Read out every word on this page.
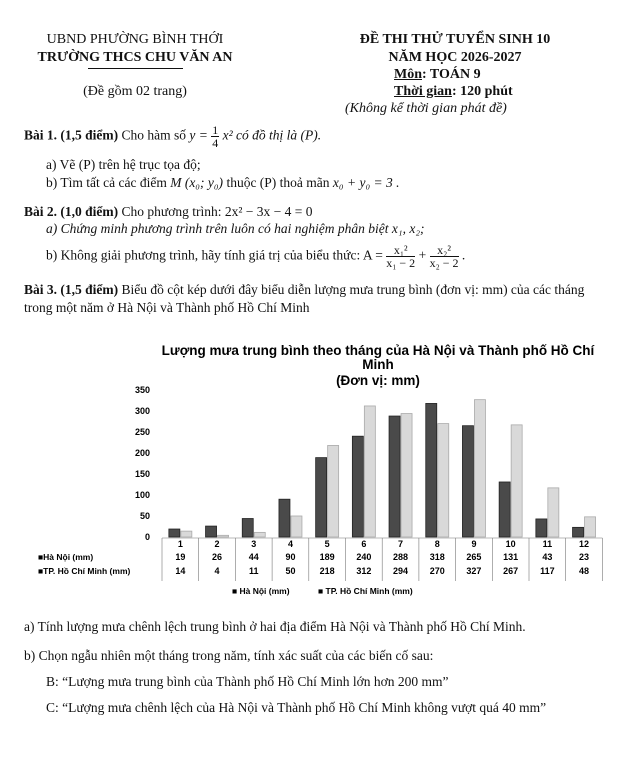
UBND PHƯỜNG BÌNH THỚI
TRƯỜNG THCS CHU VĂN AN
(Đề gồm 02 trang)
ĐỀ THI THỬ TUYỂN SINH 10
NĂM HỌC 2026-2027
Môn: TOÁN 9
Thời gian: 120 phút
(Không kể thời gian phát đề)
Bài 1. (1,5 điểm) Cho hàm số $y = \frac{1}{4} x^2$ có đồ thị là (P).
a) Vẽ (P) trên hệ trục tọa độ;
b) Tìm tất cả các điểm M (x₀; y₀) thuộc (P) thoả mãn x₀ + y₀ = 3 .
Bài 2. (1,0 điểm) Cho phương trình: 2x² − 3x − 4 = 0
a) Chứng minh phương trình trên luôn có hai nghiệm phân biệt x₁, x₂;
b) Không giải phương trình, hãy tính giá trị của biểu thức: $A = \frac{\text{x₁²}}{\text{x₁ − 2}} + \frac{\text{x₂²}}{\text{x₂ − 2}}$ .
Bài 3. (1,5 điểm) Biểu đồ cột kép dưới đây biểu diễn lượng mưa trung bình (đơn vị: mm) của các tháng
trong một năm ở Hà Nội và Thành phố Hồ Chí Minh
Lượng mưa trung bình theo tháng của Hà Nội và Thành phố Hồ Chí
Minh
(Đơn vị: mm)
0
50
100
150
200
250
300
350
1	2	3	4	5	6	7	8	9	10	11	12
■Hà Nội (mm)	19	26	44	90	189 240 288 318 265 131	43	23
■TP. Hồ Chí Minh (mm)	14	4	11	50	218 312 294 270 327 267 117	48
■ Hà Nội (mm)	■ TP. Hồ Chí Minh (mm)
a) Tính lượng mưa chênh lệch trung bình ở hai địa điểm Hà Nội và Thành phố Hồ Chí Minh.
b) Chọn ngẫu nhiên một tháng trong năm, tính xác suất của các biến cố sau:
B: “Lượng mưa trung bình của Thành phố Hồ Chí Minh lớn hơn 200 mm”
C: “Lượng mưa chênh lệch của Hà Nội và Thành phố Hồ Chí Minh không vượt quá 40 mm”
